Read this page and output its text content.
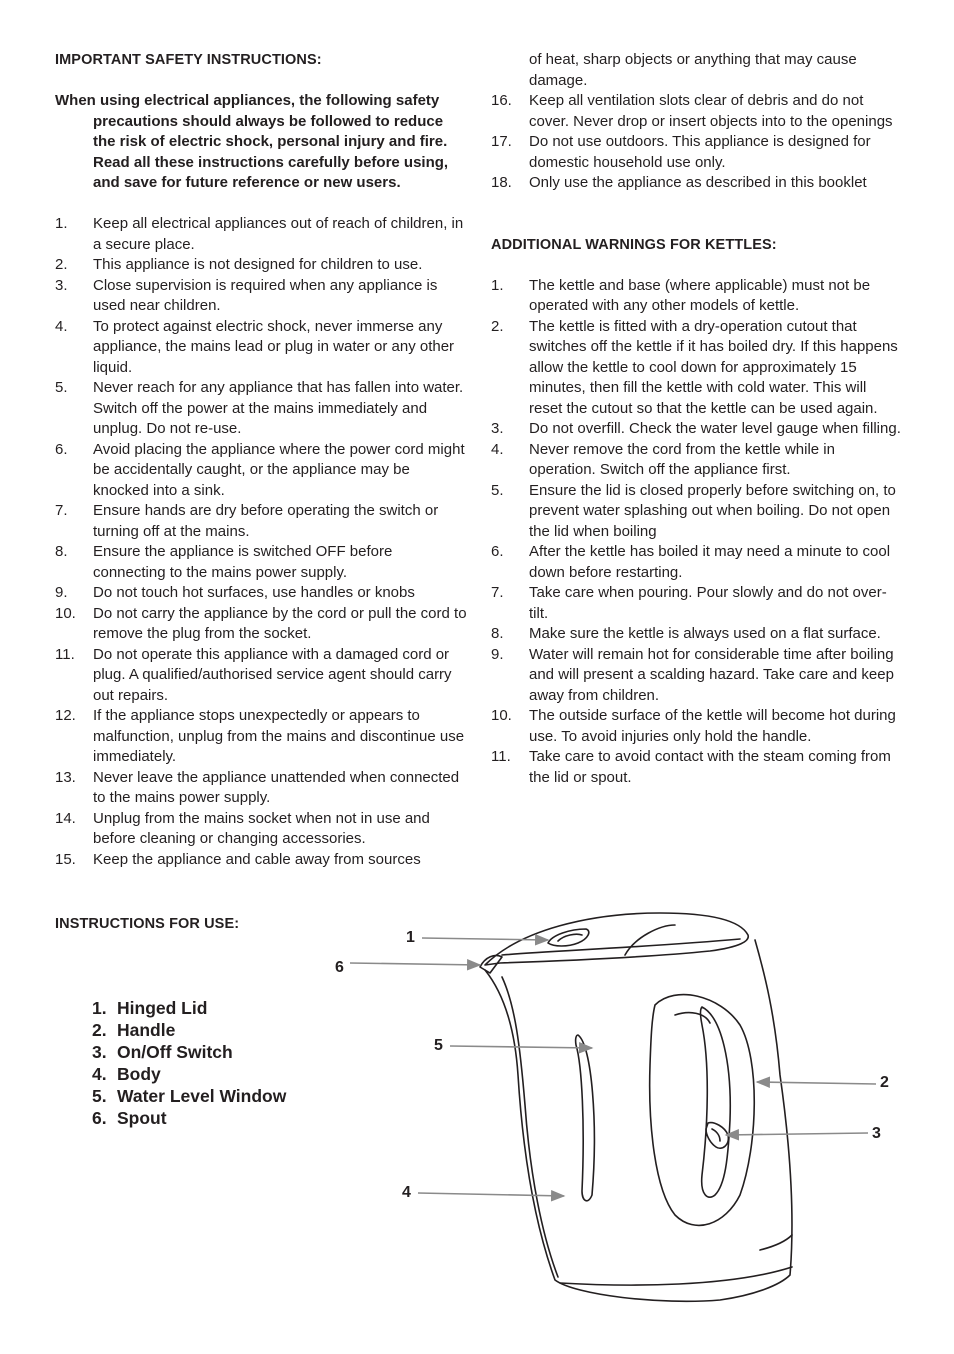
IMPORTANT SAFETY INSTRUCTIONS:
When using electrical appliances, the following safety precautions should always be followed to reduce the risk of electric shock, personal injury and fire. Read all these instructions carefully before using, and save for future reference or new users.
1.	Keep all electrical appliances out of reach of children, in a secure place.
2.	This appliance is not designed for children to use.
3.	Close supervision is required when any appliance is used near children.
4.	To protect against electric shock, never immerse any appliance, the mains lead or plug in water or any other liquid.
5.	Never reach for any appliance that has fallen into water. Switch off the power at the mains immediately and unplug. Do not re-use.
6.	Avoid placing the appliance where the power cord might be accidentally caught, or the appliance may be knocked into a sink.
7.	Ensure hands are dry before operating the switch or turning off at the mains.
8.	Ensure the appliance is switched OFF before connecting to the mains power supply.
9.	Do not touch hot surfaces, use handles or knobs
10.	Do not carry the appliance by the cord or pull the cord to remove the plug from the socket.
11.	Do not operate this appliance with a damaged cord or plug. A qualified/authorised service agent should carry out repairs.
12.	If the appliance stops unexpectedly or appears to malfunction, unplug from the mains and discontinue use immediately.
13.	Never leave the appliance unattended when connected to the mains power supply.
14.	Unplug from the mains socket when not in use and before cleaning or changing accessories.
15.	Keep the appliance and cable away from sources
of heat, sharp objects or anything that may cause damage.
16.	Keep all ventilation slots clear of debris and do not cover. Never drop or insert objects into to the openings
17.	Do not use outdoors. This appliance is designed for domestic household use only.
18.	Only use the appliance as described in this booklet
ADDITIONAL WARNINGS FOR KETTLES:
1.	The kettle and base (where applicable) must not be operated with any other models of kettle.
2.	The kettle is fitted with a dry-operation cutout that switches off the kettle if it has boiled dry. If this happens allow the kettle to cool down for approximately 15 minutes, then fill the kettle with cold water. This will reset the cutout so that the kettle can be used again.
3.	Do not overfill. Check the water level gauge when filling.
4.	Never remove the cord from the kettle while in operation. Switch off the appliance first.
5.	Ensure the lid is closed properly before switching on, to prevent water splashing out when boiling. Do not open the lid when boiling
6.	After the kettle has boiled it may need a minute to cool down before restarting.
7.	Take care when pouring. Pour slowly and do not over-tilt.
8.	Make sure the kettle is always used on a flat surface.
9.	Water will remain hot for considerable time after boiling and will present a scalding hazard. Take care and keep away from children.
10.	The outside surface of the kettle will become hot during use. To avoid injuries only hold the handle.
11.	Take care to avoid contact with the steam coming from the lid or spout.
INSTRUCTIONS FOR USE:
1. Hinged Lid
2. Handle
3. On/Off Switch
4. Body
5. Water Level Window
6. Spout
1
2
3
4
5
6
